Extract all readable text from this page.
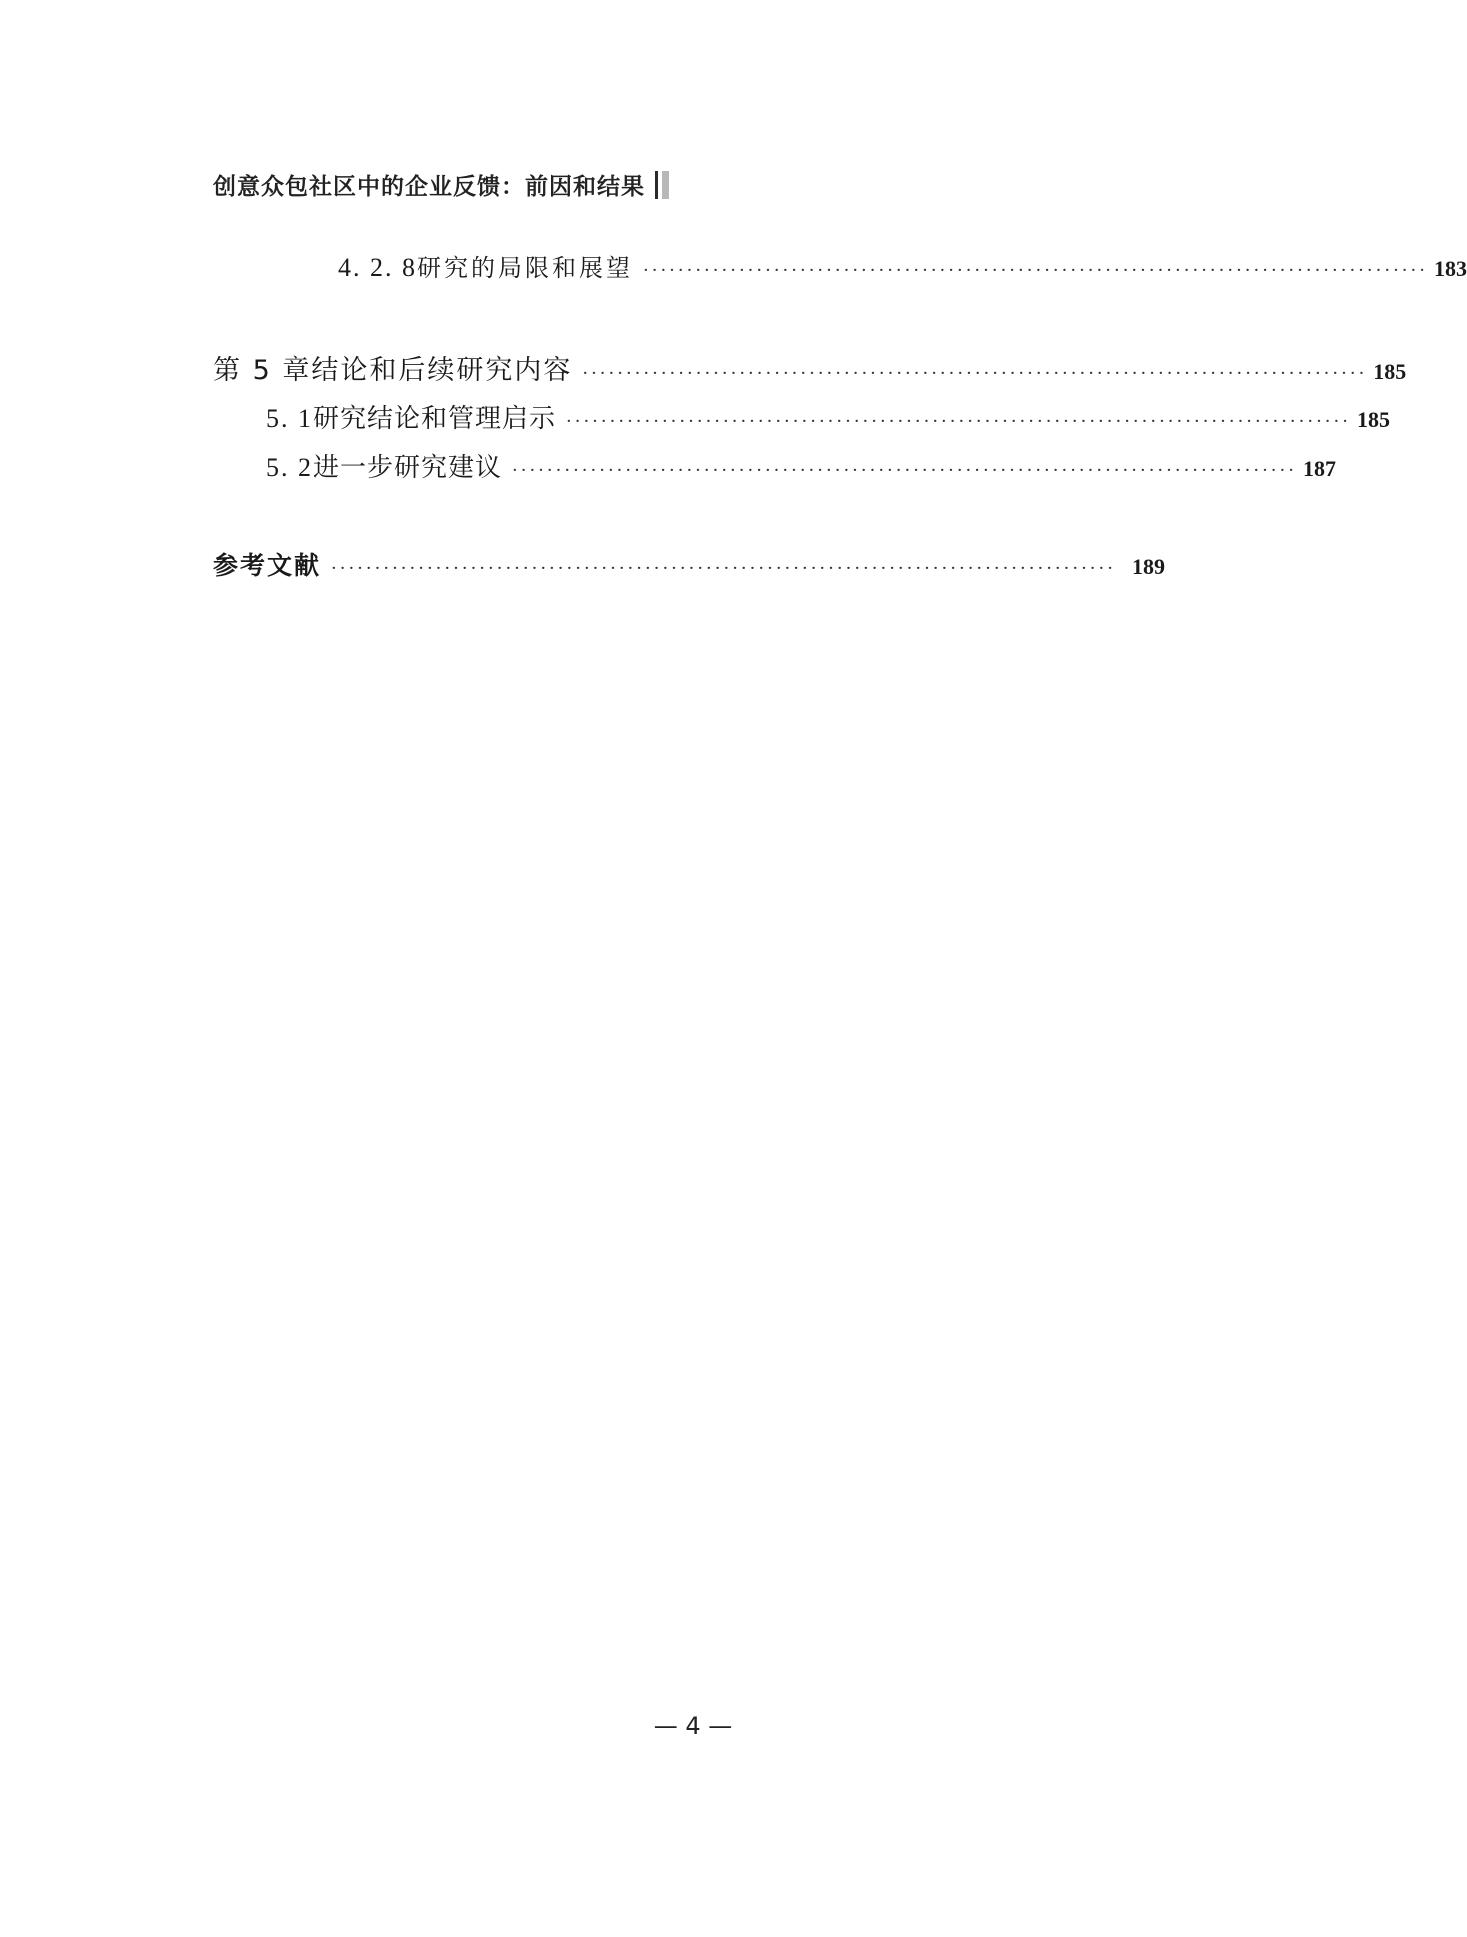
创意众包社区中的企业反馈：前因和结果
4. 2. 8 研究的局限和展望 ·························································································· 183
第 5 章 结论和后续研究内容 ·························································································· 185
5. 1 研究结论和管理启示 ·························································································· 185
5. 2 进一步研究建议 ·························································································· 187
参考文献 ·························································································· 189
— 4 —
